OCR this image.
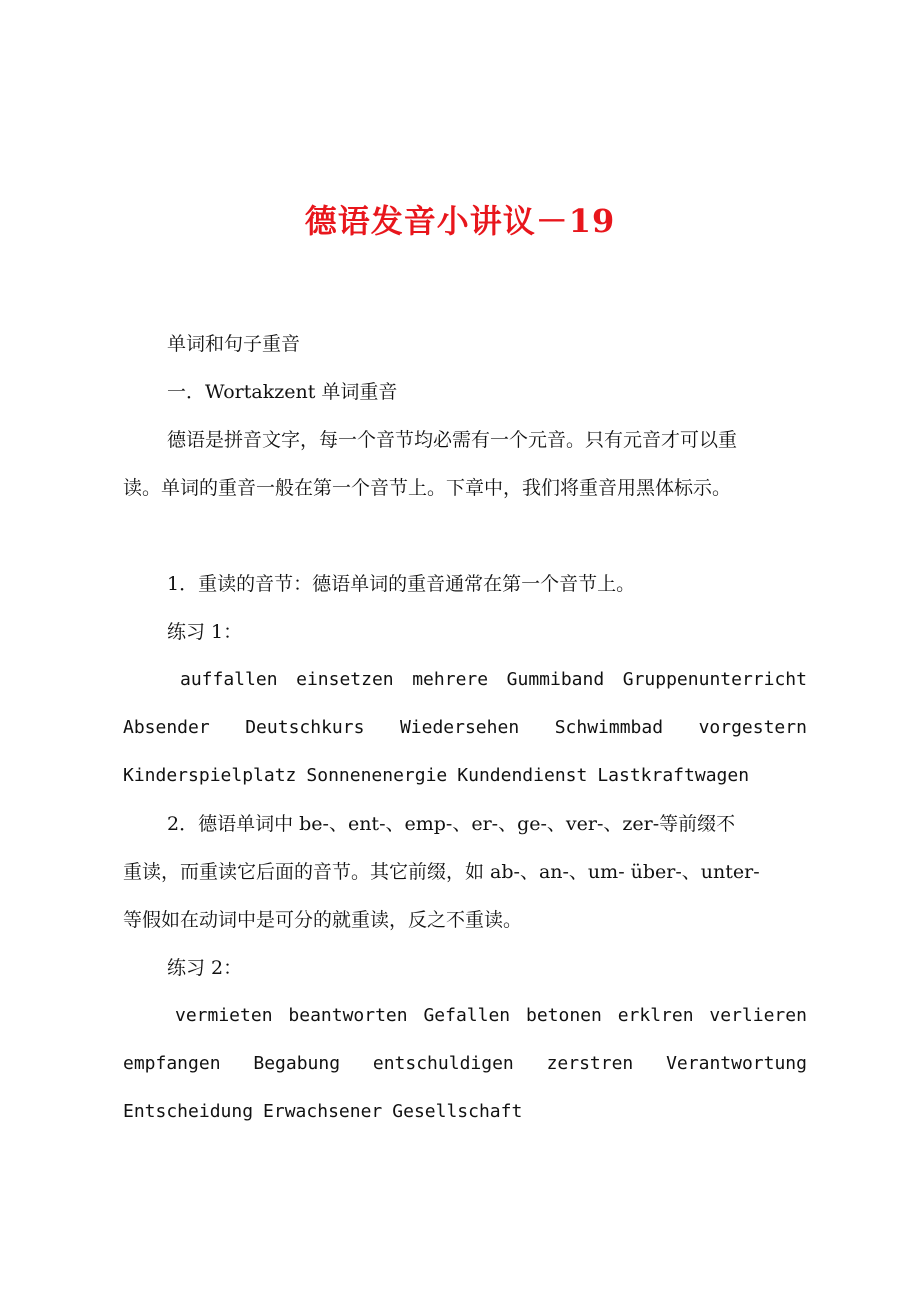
德语发音小讲议－19
单词和句子重音
一．Wortakzent 单词重音
德语是拼音文字，每一个音节均必需有一个元音。只有元音才可以重
读。单词的重音一般在第一个音节上。下章中，我们将重音用黑体标示。
1．重读的音节：德语单词的重音通常在第一个音节上。
练习 1：
auffallen einsetzen mehrere Gummiband Gruppenunterricht
Absender Deutschkurs Wiedersehen Schwimmbad vorgestern
Kinderspielplatz Sonnenenergie Kundendienst Lastkraftwagen
2．德语单词中 be-、ent-、emp-、er-、ge-、ver-、zer-等前缀不
重读，而重读它后面的音节。其它前缀，如 ab-、an-、um- über-、unter-
等假如在动词中是可分的就重读，反之不重读。
练习 2：
vermieten beantworten Gefallen betonen erklren verlieren
empfangen Begabung entschuldigen zerstren Verantwortung
Entscheidung Erwachsener Gesellschaft
